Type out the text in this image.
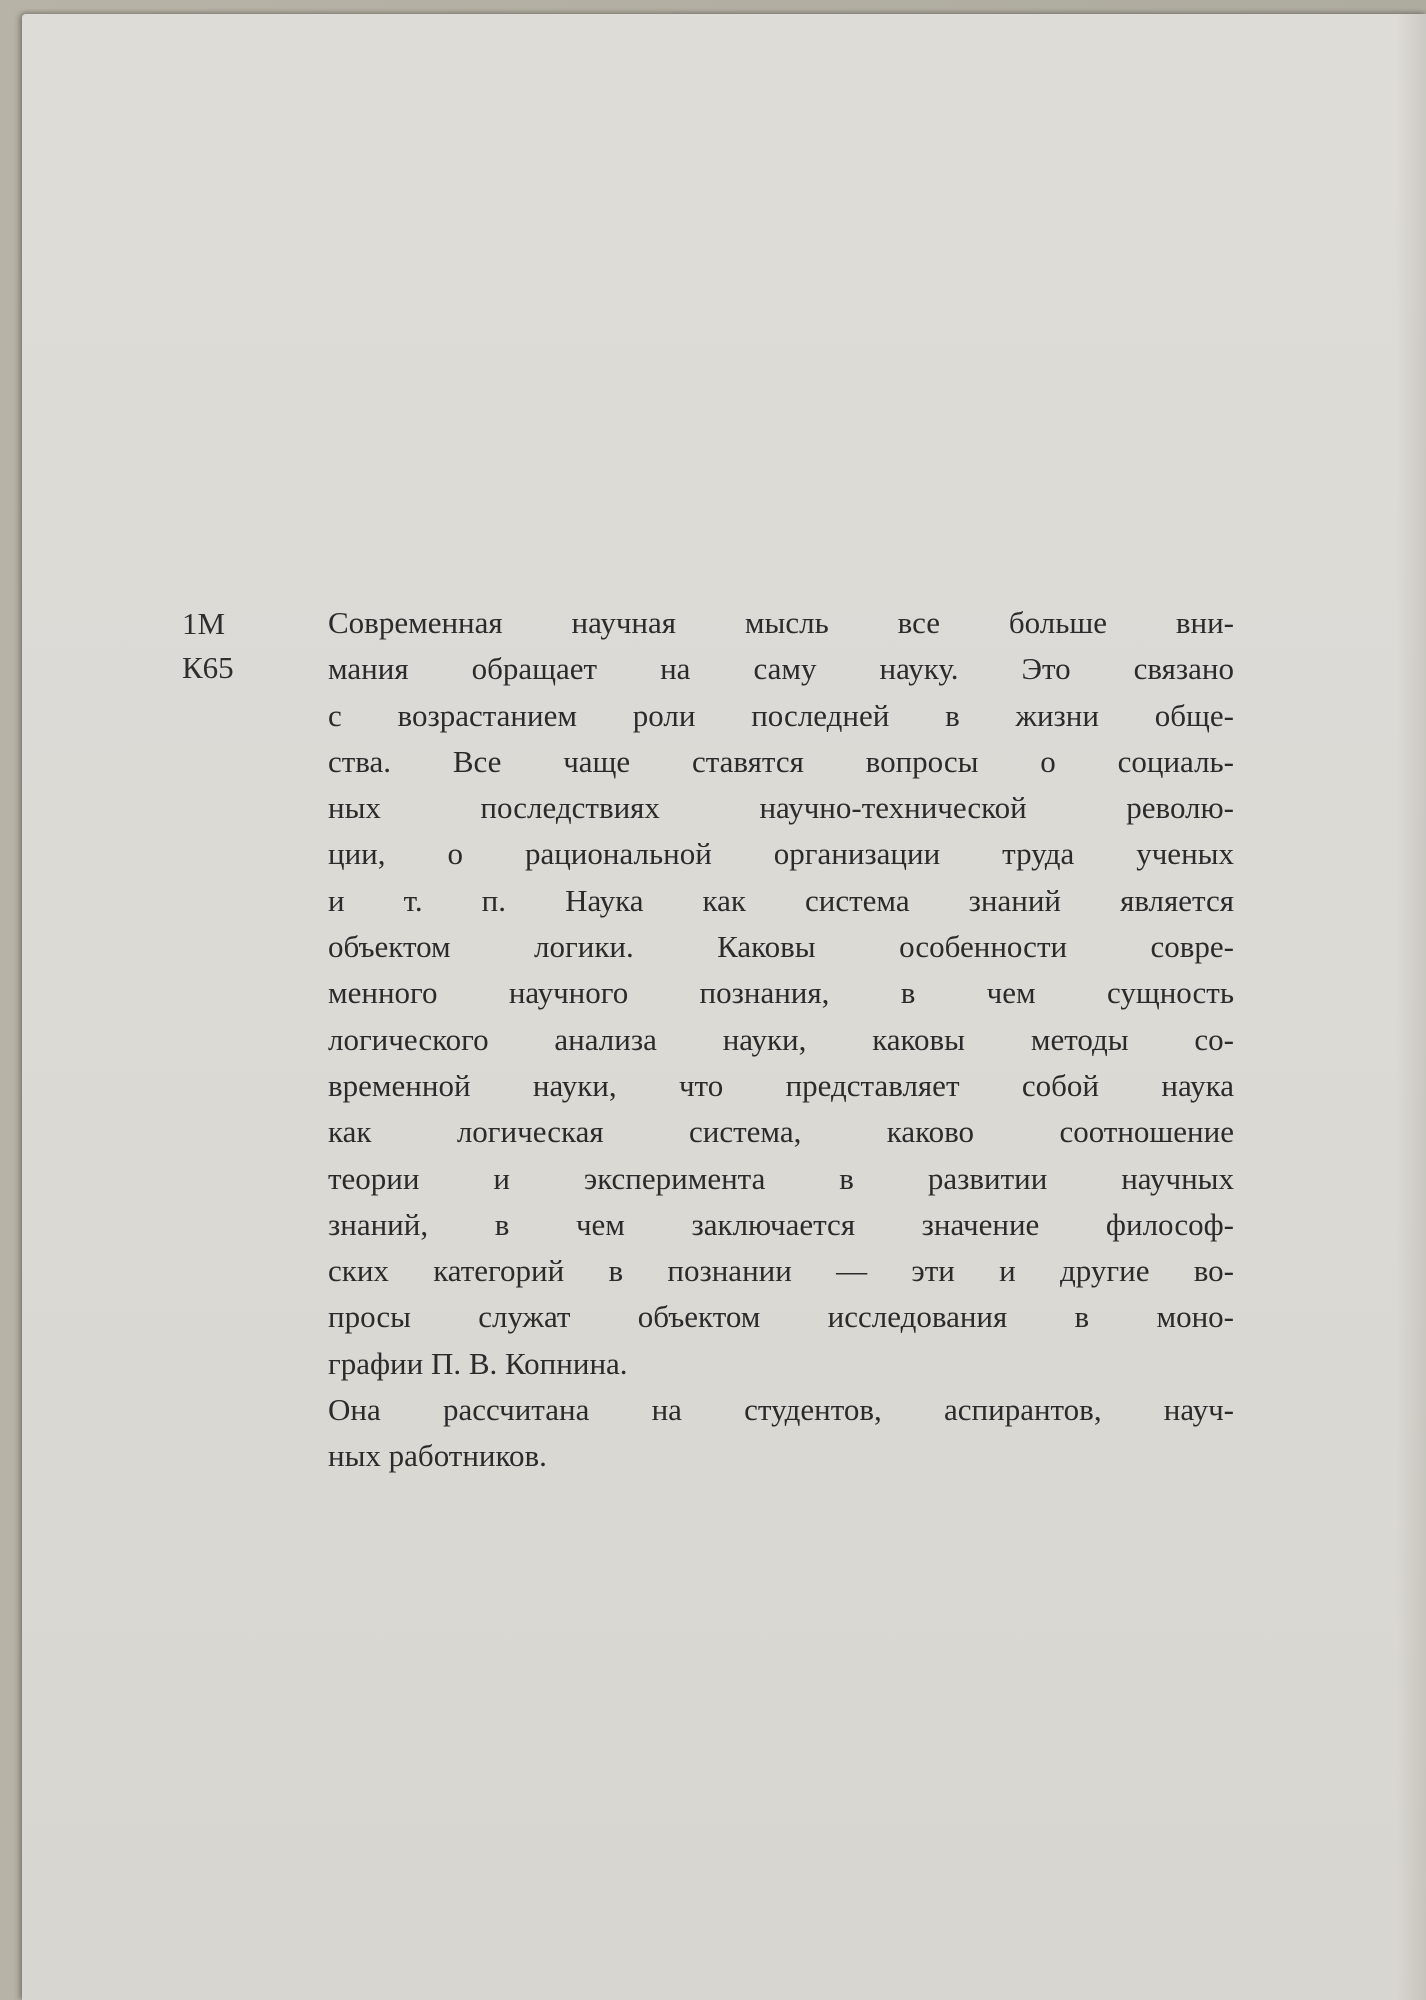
1М
К65
Современная научная мысль все больше вни-
мания обращает на саму науку. Это связано
с возрастанием роли последней в жизни обще-
ства. Все чаще ставятся вопросы о социаль-
ных последствиях научно-технической револю-
ции, о рациональной организации труда ученых
и т. п. Наука как система знаний является
объектом логики. Каковы особенности совре-
менного научного познания, в чем сущность
логического анализа науки, каковы методы со-
временной науки, что представляет собой наука
как логическая система, каково соотношение
теории и эксперимента в развитии научных
знаний, в чем заключается значение философ-
ских категорий в познании — эти и другие во-
просы служат объектом исследования в моно-
графии П. В. Копнина.
Она рассчитана на студентов, аспирантов, науч-
ных работников.
